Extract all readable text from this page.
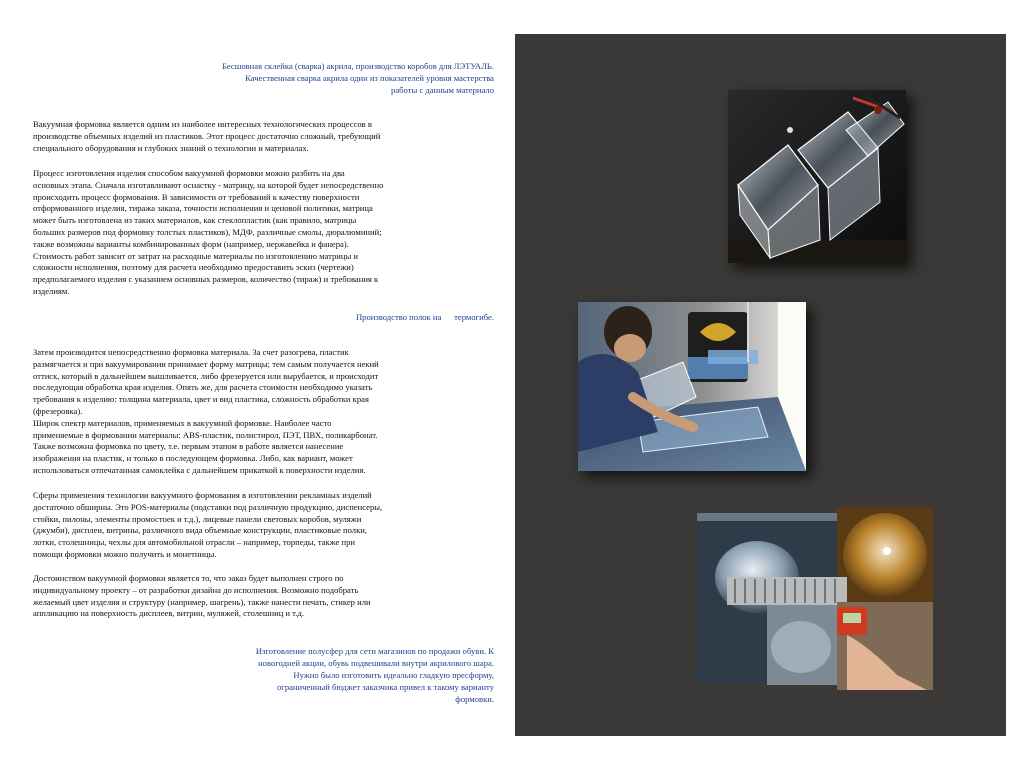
Бесшовная склейка (сварка) акрила, производство коробов для ЛЭТУАЛЬ.
Качественная сварка акрила один из показателей уровня мастерства
работы с данным материало
Вакуумная формовка является одним из наиболее интересных технологических процессов в
производстве объемных изделий из пластиков. Этот процесс достаточно сложный, требующий
специального оборудования и глубоких знаний о технологии и материалах.
Процесс изготовления изделия способом вакуумной формовки можно разбить на два
основных этапа. Сначала изготавливают оснастку - матрицу, на которой будет непосредственно
происходить процесс формования. В зависимости от требований к качеству поверхности
отформованного изделия, тиража заказа, точности исполнения и ценовой политики, матрица
может быть изготовлена из таких материалов, как стеклопластик (как правило, матрицы
больших размеров под формовку толстых пластиков), МДФ, различные смолы, дюралюминий;
также возможны варианты комбинированных форм (например, нержавейка и фанера).
Стоимость работ зависит от затрат на расходные материалы по изготовлению матрицы и
сложности исполнения, поэтому для расчета необходимо предоставить эскиз (чертежи)
предполагаемого изделия с указанием основных размеров, количество (тираж) и требования к
изделиям.
Производство полок на      термогибе.
Затем производится непосредственно формовка материала. За счет разогрева, пластик
размягчается и при вакуумировании принимает форму матрицы; тем самым получается некий
оттиск, который в дальнейшем вышливается, либо фрезеруется или вырубается, и происходит
последующая обработка края изделия. Опять же, для расчета стоимости необходимо указать
требования к изделию: толщина материала, цвет и вид пластика, сложность обработки края
(фрезеровка).
Широк спектр материалов, применяемых в вакуумной формовке. Наиболее часто
применяемые в формовании материалы: ABS-пластик, полистирол, ПЭТ, ПВХ, поликарбонат.
Также возможна формовка по цвету, т.е. первым этапом в работе является нанесение
изображения на пластик, и только в последующем формовка. Либо, как вариант, может
использоваться отпечатанная самоклейка с дальнейшем прикаткой к поверхности изделия.
Сферы применения технологии вакуумного формования в изготовлении рекламных изделий
достаточно обширны. Это POS-материалы (подставки под различную продукцию, диспенсеры,
стойки, пилоны, элементы промостоек и т.д.), лицевые панели световых коробов, муляжи
(джумби), дисплеи, витрины, различного вида объемные конструкции, пластиковые полки,
лотки, столешницы, чехлы для автомобильной отрасли – например, торпеды, также при
помощи формовки можно получить и монетницы.
Достоинством вакуумной формовки является то, что заказ будет выполнен строго по
индивидуальному проекту – от разработки дизайна до исполнения. Возможно подобрать
желаемый цвет изделия и структуру (например, шагрень), также нанести печать, стикер или
аппликацию на поверхность дисплеев, витрин, муляжей, столешниц и т.д.
Изготовление полусфер для сети магазинов по продажи обуви. К
новогодней акции, обувь подвешивали внутри акрилового шара.
Нужно было изготовить идеально гладкую пресформу,
ограниченный бюджет заказчика привел к такому варианту
формовки.
